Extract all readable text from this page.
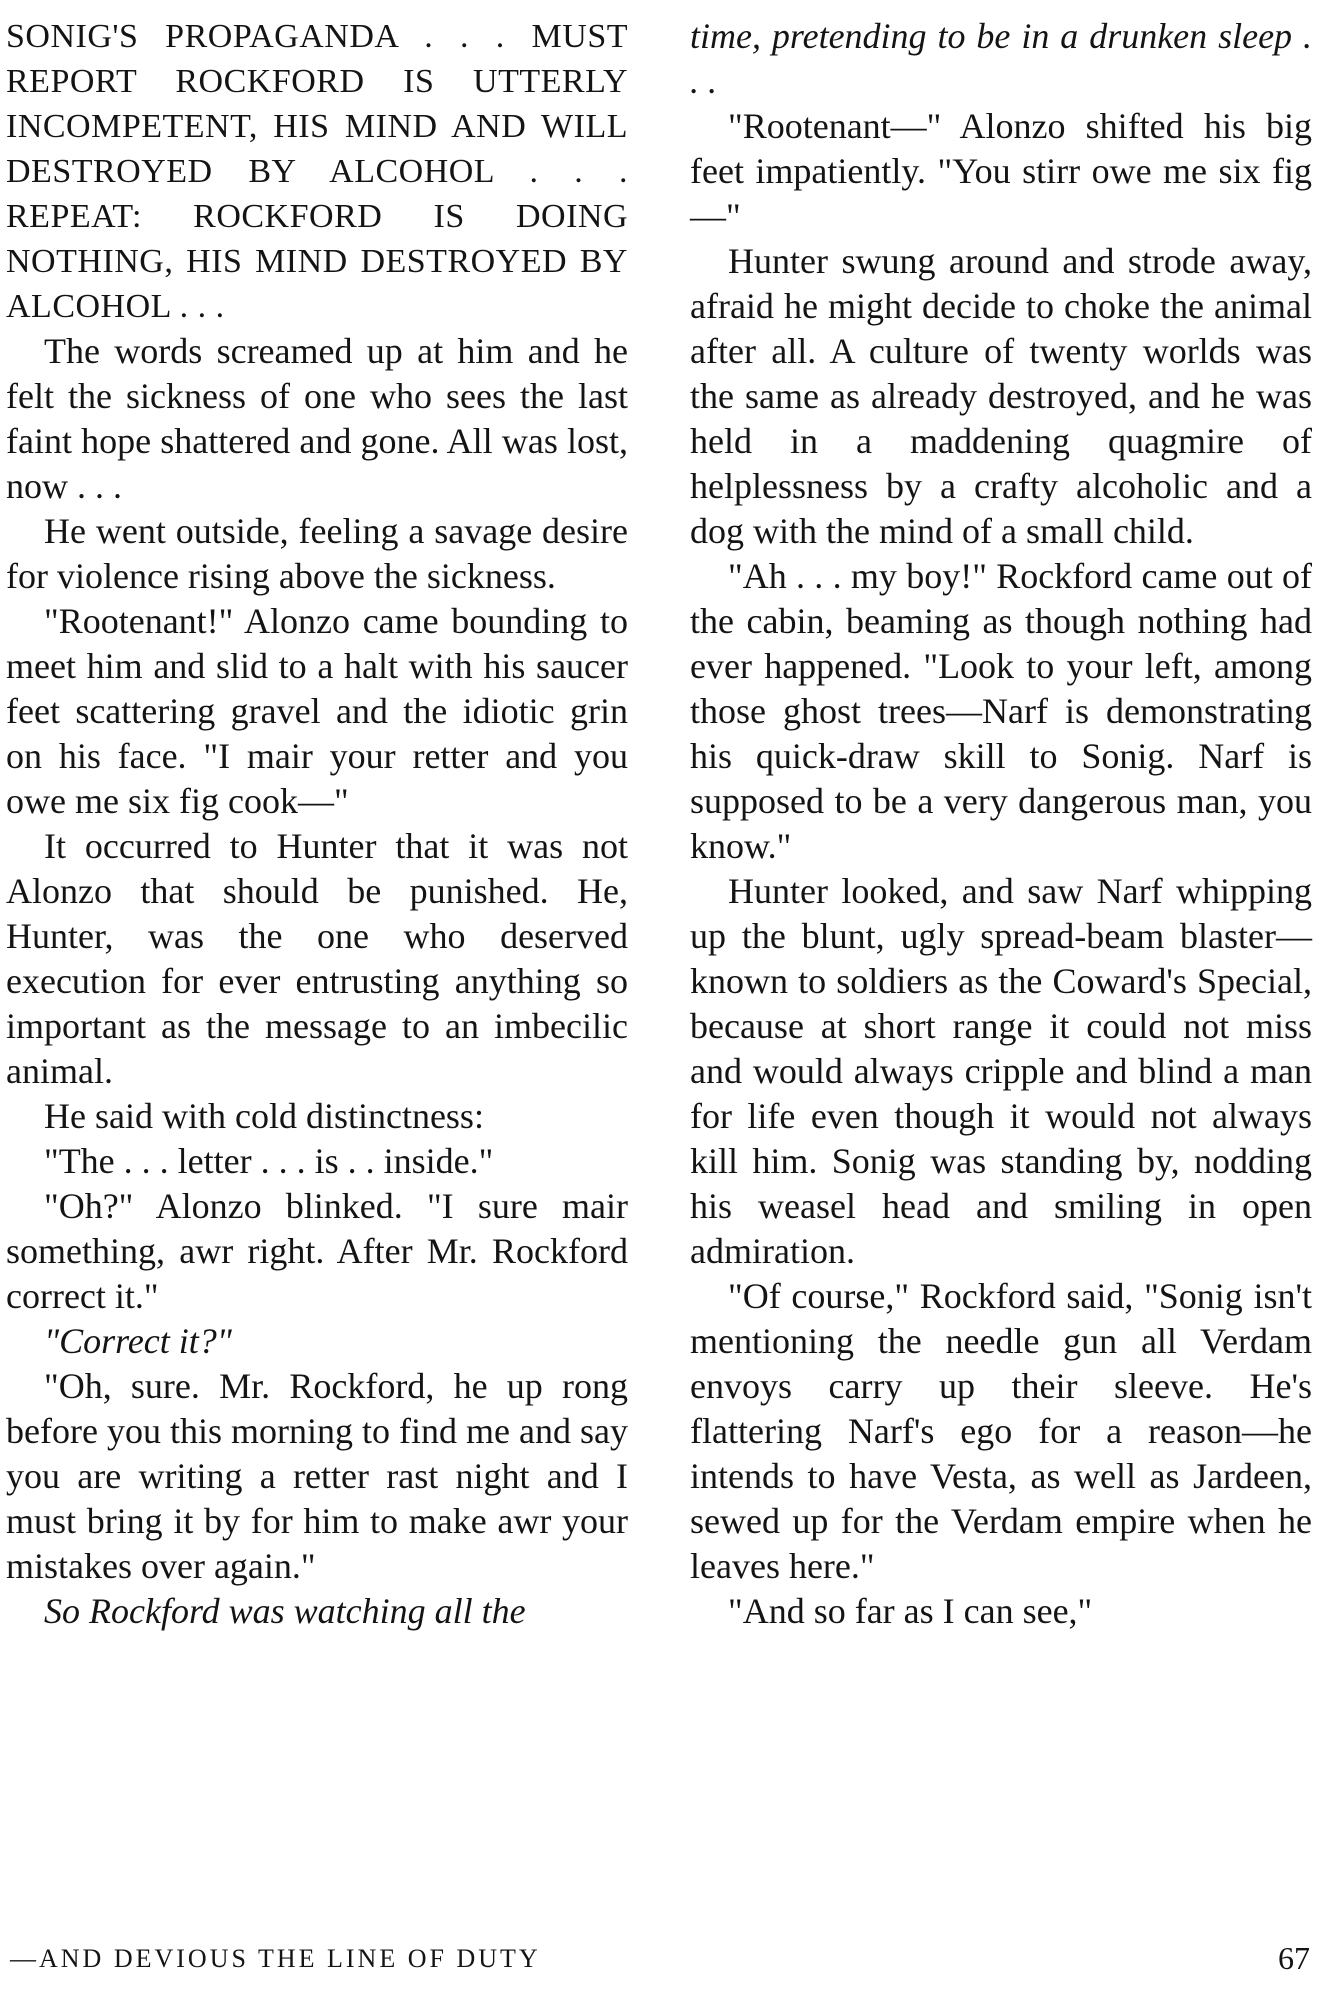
SONIG'S PROPAGANDA . . . MUST REPORT ROCKFORD IS UTTERLY INCOMPETENT, HIS MIND AND WILL DESTROYED BY ALCOHOL . . . REPEAT: ROCKFORD IS DOING NOTHING, HIS MIND DESTROYED BY ALCOHOL . . .

The words screamed up at him and he felt the sickness of one who sees the last faint hope shattered and gone. All was lost, now . . .

He went outside, feeling a savage desire for violence rising above the sickness.

"Rootenant!" Alonzo came bounding to meet him and slid to a halt with his saucer feet scattering gravel and the idiotic grin on his face. "I mair your retter and you owe me six fig cook—"

It occurred to Hunter that it was not Alonzo that should be punished. He, Hunter, was the one who deserved execution for ever entrusting anything so important as the message to an imbecilic animal.

He said with cold distinctness:

"The . . . letter . . . is . . inside."

"Oh?" Alonzo blinked. "I sure mair something, awr right. After Mr. Rockford correct it."

"Correct it?"

"Oh, sure. Mr. Rockford, he up rong before you this morning to find me and say you are writing a retter rast night and I must bring it by for him to make awr your mistakes over again."

So Rockford was watching all the

time, pretending to be in a drunken sleep . . .

"Rootenant—" Alonzo shifted his big feet impatiently. "You stirr owe me six fig—"

Hunter swung around and strode away, afraid he might decide to choke the animal after all. A culture of twenty worlds was the same as already destroyed, and he was held in a maddening quagmire of helplessness by a crafty alcoholic and a dog with the mind of a small child.

"Ah . . . my boy!" Rockford came out of the cabin, beaming as though nothing had ever happened. "Look to your left, among those ghost trees—Narf is demonstrating his quick-draw skill to Sonig. Narf is supposed to be a very dangerous man, you know."

Hunter looked, and saw Narf whipping up the blunt, ugly spread-beam blaster—known to soldiers as the Coward's Special, because at short range it could not miss and would always cripple and blind a man for life even though it would not always kill him. Sonig was standing by, nodding his weasel head and smiling in open admiration.

"Of course," Rockford said, "Sonig isn't mentioning the needle gun all Verdam envoys carry up their sleeve. He's flattering Narf's ego for a reason—he intends to have Vesta, as well as Jardeen, sewed up for the Verdam empire when he leaves here."

"And so far as I can see,"

—AND DEVIOUS THE LINE OF DUTY	67
